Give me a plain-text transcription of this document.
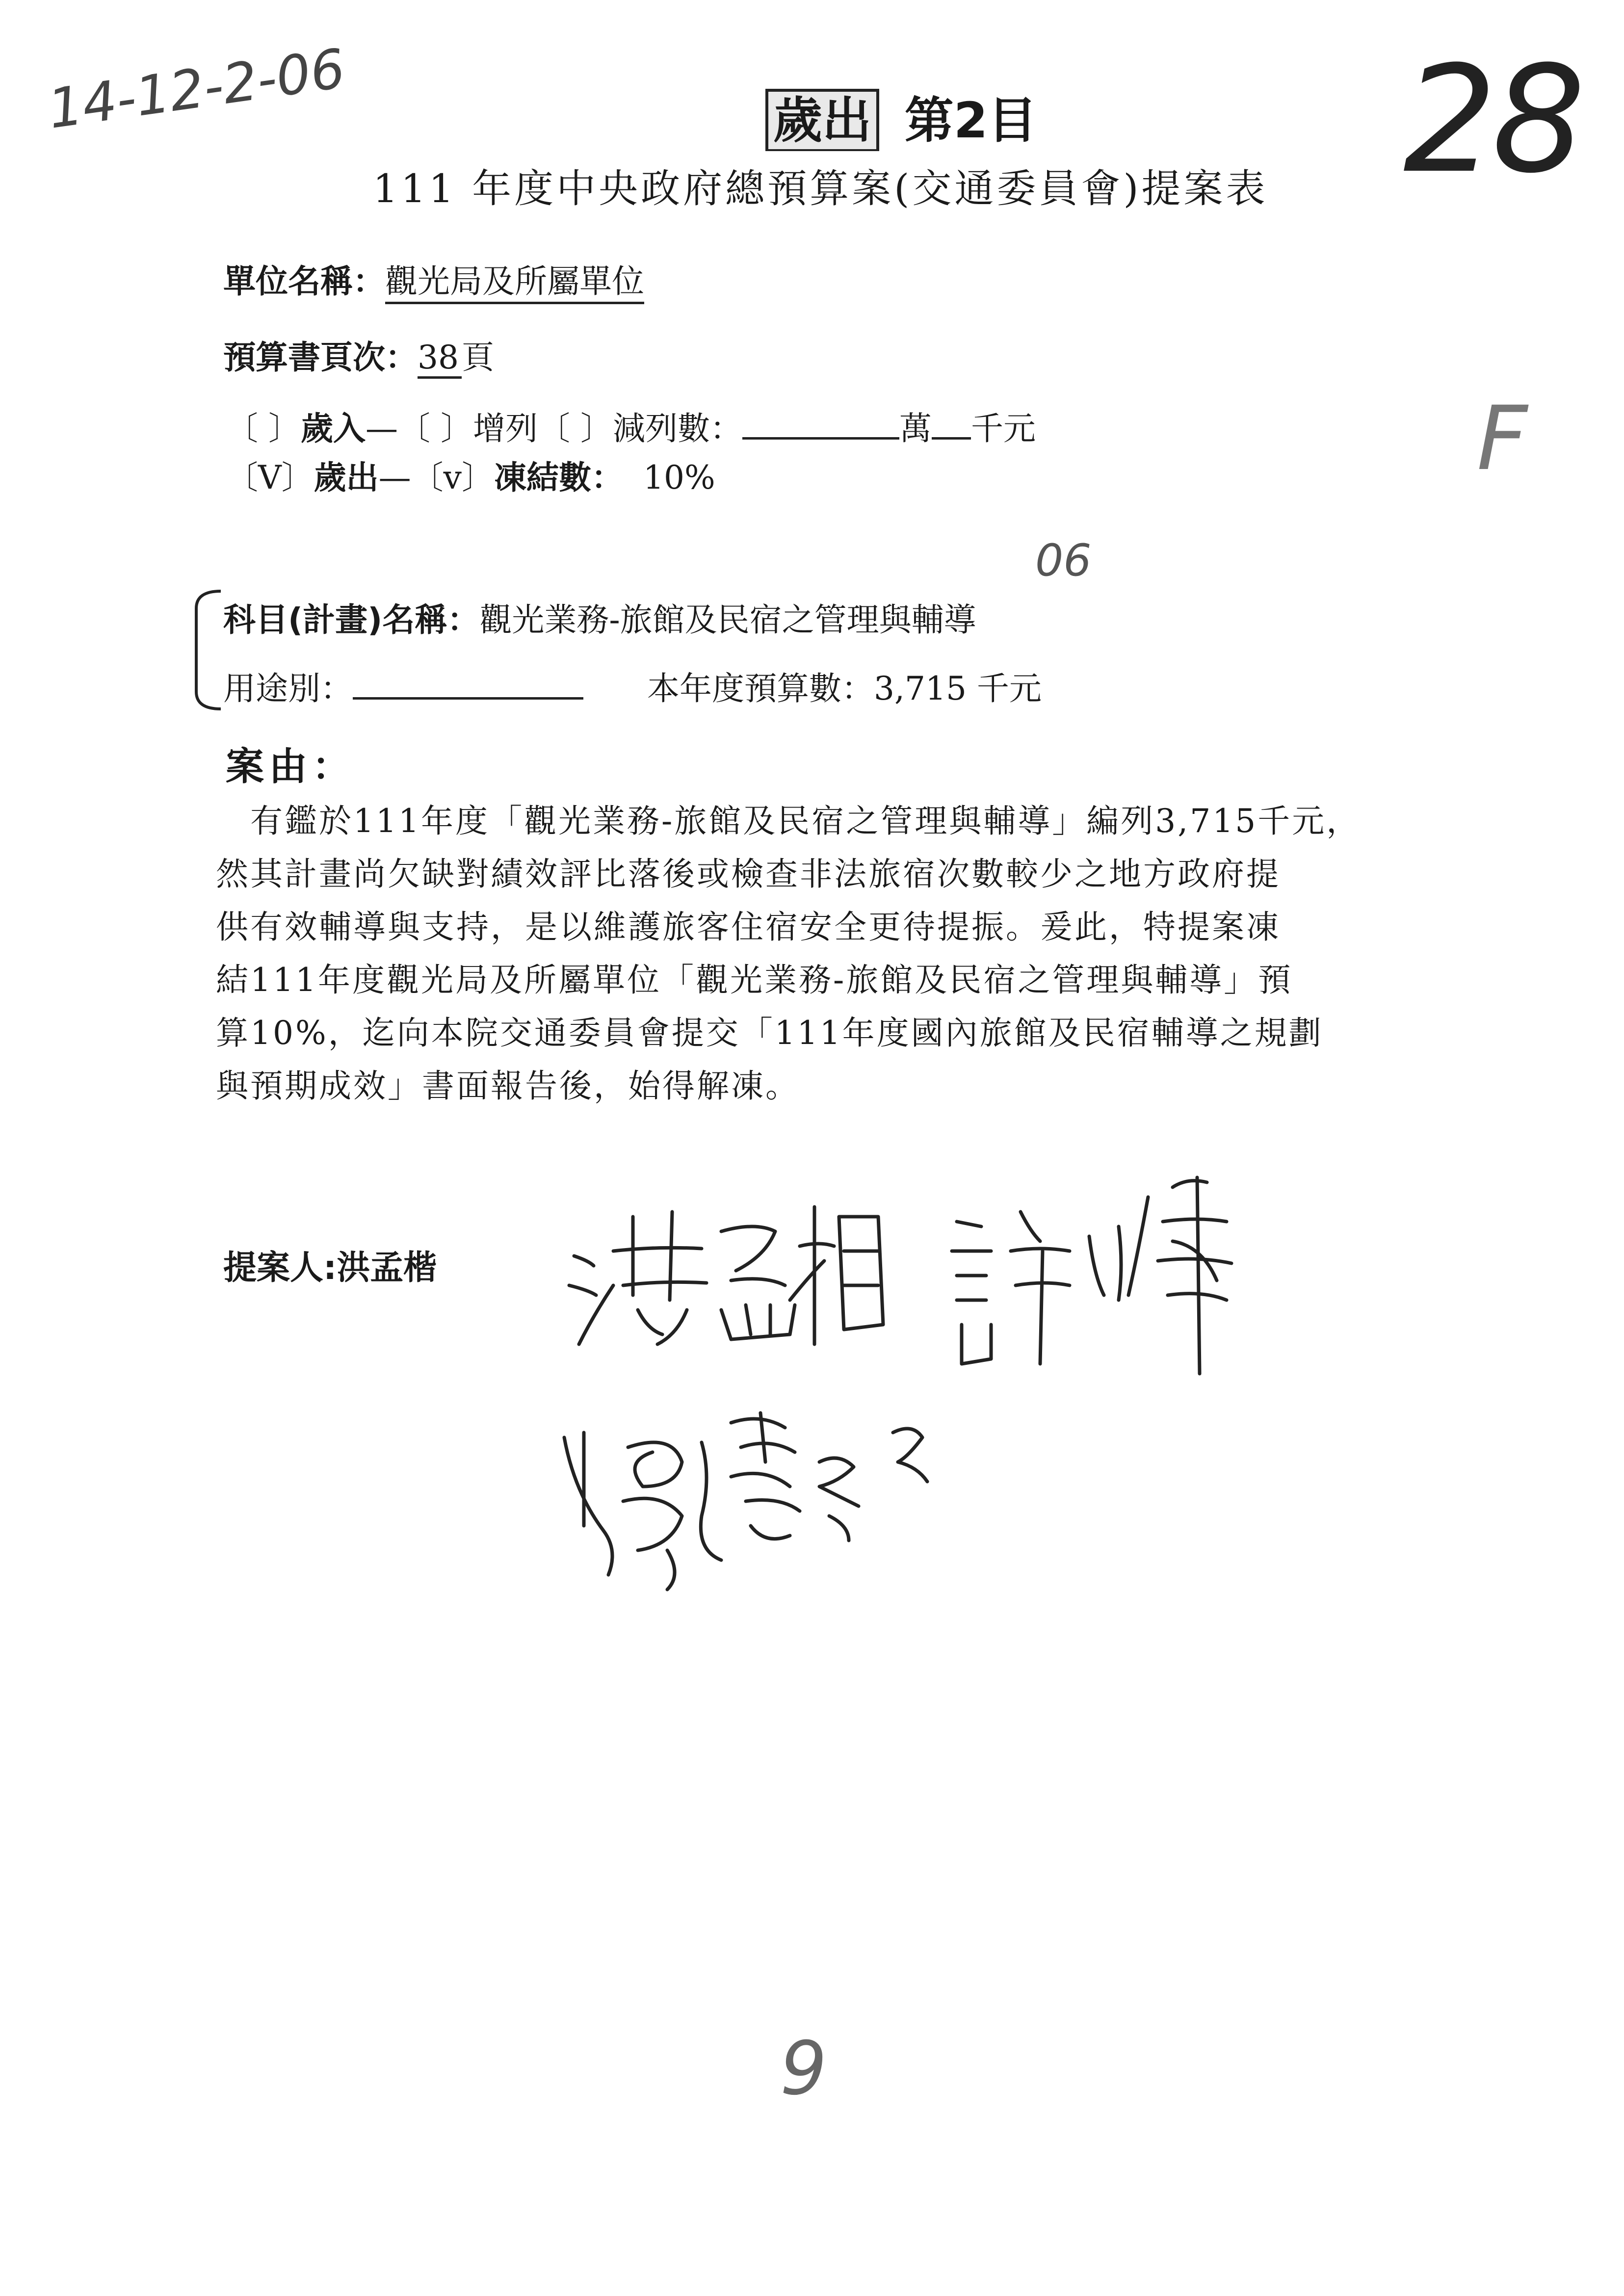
14-12-2-06	28
F
歲出 第2目
111 年度中央政府總預算案(交通委員會)提案表
單位名稱：觀光局及所屬單位
預算書頁次：38頁
〔 〕歲入—〔 〕增列〔 〕減列數：	萬 千元
〔V〕歲出—〔v〕凍結數： 10%
06
科目(計畫)名稱：觀光業務-旅館及民宿之管理與輔導
用途別：	本年度預算數：3,715 千元
案由：

　有鑑於111年度「觀光業務-旅館及民宿之管理與輔導」編列3,715千元，

然其計畫尚欠缺對績效評比落後或檢查非法旅宿次數較少之地方政府提

供有效輔導與支持，是以維護旅客住宿安全更待提振。爰此，特提案凍

結111年度觀光局及所屬單位「觀光業務-旅館及民宿之管理與輔導」預

算10%，迄向本院交通委員會提交「111年度國內旅館及民宿輔導之規劃

與預期成效」書面報告後，始得解凍。

提案人:洪孟楷
9
